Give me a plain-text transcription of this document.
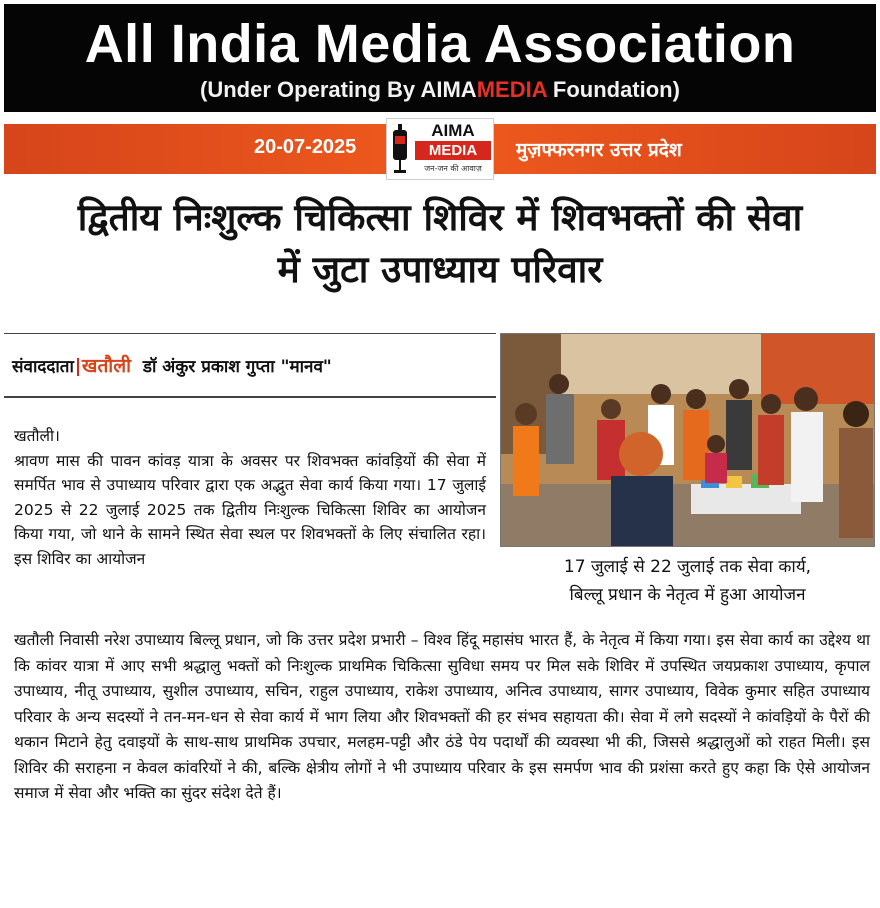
All India Media Association
(Under Operating By AIMAMEDIA Foundation)
20-07-2025	मुज़फ्फरनगर उत्तर प्रदेश
AIMA
MEDIA
जन-जन की आवाज़
द्वितीय निःशुल्क चिकित्सा शिविर में शिवभक्तों की सेवा
में जुटा उपाध्याय परिवार
संवाददाता खतौली डॉ अंकुर प्रकाश गुप्ता "मानव"
17 जुलाई से 22 जुलाई तक सेवा कार्य,
बिल्लू प्रधान के नेतृत्व में हुआ आयोजन

खतौली।

श्रावण मास की पावन कांवड़ यात्रा के अवसर पर शिवभक्त कांवड़ियों की सेवा में समर्पित भाव से उपाध्याय परिवार द्वारा एक अद्भुत सेवा कार्य किया गया। 17 जुलाई 2025 से 22 जुलाई 2025 तक द्वितीय निःशुल्क चिकित्सा शिविर का आयोजन किया गया, जो थाने के सामने स्थित सेवा स्थल पर शिवभक्तों के लिए संचालित रहा।इस शिविर का आयोजन

खतौली निवासी नरेश उपाध्याय बिल्लू प्रधान, जो कि उत्तर प्रदेश प्रभारी – विश्व हिंदू महासंघ भारत हैं, के नेतृत्व में किया गया। इस सेवा कार्य का उद्देश्य था कि कांवर यात्रा में आए सभी श्रद्धालु भक्तों को निःशुल्क प्राथमिक चिकित्सा सुविधा समय पर मिल सके शिविर में उपस्थित जयप्रकाश उपाध्याय, कृपाल उपाध्याय, नीतू उपाध्याय, सुशील उपाध्याय, सचिन, राहुल उपाध्याय, राकेश उपाध्याय, अनित्व उपाध्याय, सागर उपाध्याय, विवेक कुमार सहित उपाध्याय परिवार के अन्य सदस्यों ने तन-मन-धन से सेवा कार्य में भाग लिया और शिवभक्तों की हर संभव सहायता की। सेवा में लगे सदस्यों ने कांवड़ियों के पैरों की थकान मिटाने हेतु दवाइयों के साथ-साथ प्राथमिक उपचार, मलहम-पट्टी और ठंडे पेय पदार्थों की व्यवस्था भी की, जिससे श्रद्धालुओं को राहत मिली। इस शिविर की सराहना न केवल कांवरियों ने की, बल्कि क्षेत्रीय लोगों ने भी उपाध्याय परिवार के इस समर्पण भाव की प्रशंसा करते हुए कहा कि ऐसे आयोजन समाज में सेवा और भक्ति का सुंदर संदेश देते हैं।
